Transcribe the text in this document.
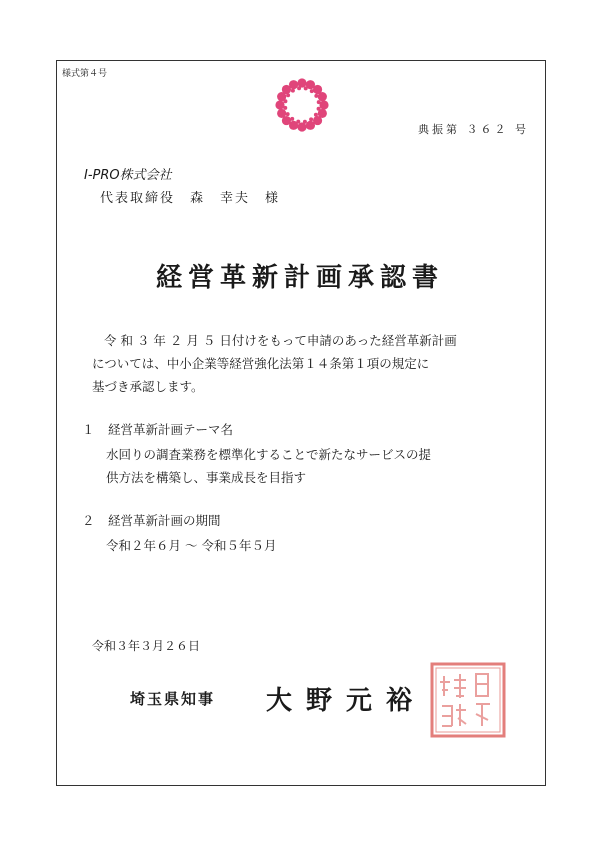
様式第４号
典振第 ３６２ 号
I-PRO株式会社
代表取締役　森　幸夫　様
経営革新計画承認書
令 和 ３ 年 ２ 月 ５ 日付けをもって申請のあった経営革新計画
については、中小企業等経営強化法第１４条第１項の規定に
基づき承認します。
１ 経営革新計画テーマ名
水回りの調査業務を標準化することで新たなサービスの提
供方法を構築し、事業成長を目指す
２ 経営革新計画の期間
令和２年６月 ～ 令和５年５月
令和３年３月２６日
埼玉県知事 大野元裕
